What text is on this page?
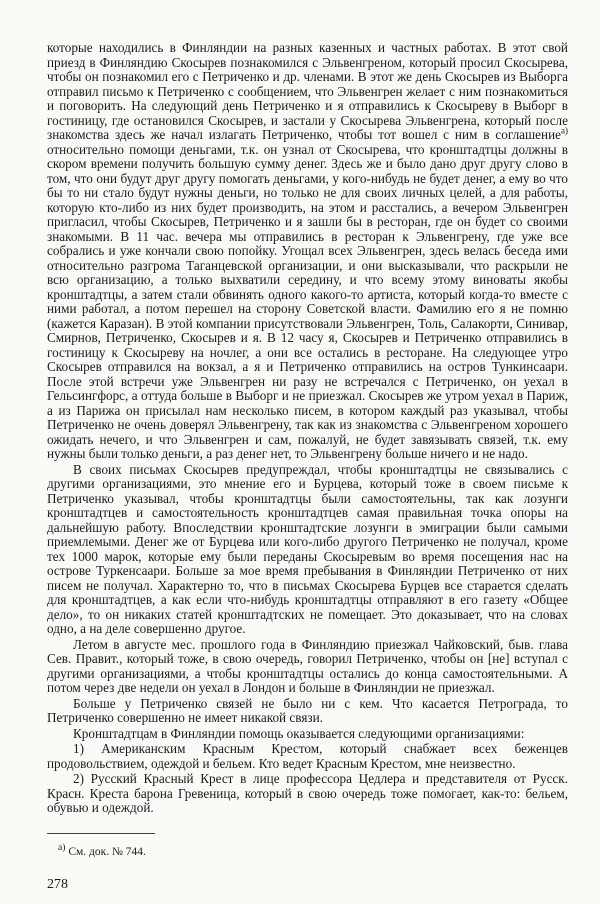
которые находились в Финляндии на разных казенных и частных работах. В этот свой приезд в Финляндию Скосырев познакомился с Эльвенгреном, который просил Скосырева, чтобы он познакомил его с Петриченко и др. членами. В этот же день Скосырев из Выборга отправил письмо к Петриченко с сообщением, что Эльвенгрен желает с ним познакомиться и поговорить. На следующий день Петриченко и я отправились к Скосыреву в Выборг в гостиницу, где остановился Скосырев, и застали у Скосырева Эльвенгрена, который после знакомства здесь же начал излагать Петриченко, чтобы тот вошел с ним в соглашение$^{а)}$ относительно помощи деньгами, т.к. он узнал от Скосырева, что кронштадтцы должны в скором времени получить большую сумму денег. Здесь же и было дано друг другу слово в том, что они будут друг другу помогать деньгами, у кого-нибудь не будет денег, а ему во что бы то ни стало будут нужны деньги, но только не для своих личных целей, а для работы, которую кто-либо из них будет производить, на этом и расстались, а вечером Эльвенгрен пригласил, чтобы Скосырев, Петриченко и я зашли бы в ресторан, где он будет со своими знакомыми. В 11 час. вечера мы отправились в ресторан к Эльвенгрену, где уже все собрались и уже кончали свою попойку. Угощал всех Эльвенгрен, здесь велась беседа ими относительно разгрома Таганцевской организации, и они высказывали, что раскрыли не всю организацию, а только выхватили середину, и что всему этому виноваты якобы кронштадтцы, а затем стали обвинять одного какого-то артиста, который когда-то вместе с ними работал, а потом перешел на сторону Советской власти. Фамилию его я не помню (кажется Каразан). В этой компании присутствовали Эльвенгрен, Толь, Салакорти, Синивар, Смирнов, Петриченко, Скосырев и я. В 12 часу я, Скосырев и Петриченко отправились в гостиницу к Скосыреву на ночлег, а они все остались в ресторане. На следующее утро Скосырев отправился на вокзал, а я и Петриченко отправились на остров Тункинсаари. После этой встречи уже Эльвенгрен ни разу не встречался с Петриченко, он уехал в Гельсингфорс, а оттуда больше в Выборг и не приезжал. Скосырев же утром уехал в Париж, а из Парижа он присылал нам несколько писем, в котором каждый раз указывал, чтобы Петриченко не очень доверял Эльвенгрену, так как из знакомства с Эльвенгреном хорошего ожидать нечего, и что Эльвенгрен и сам, пожалуй, не будет завязывать связей, т.к. ему нужны были только деньги, а раз денег нет, то Эльвенгрену больше ничего и не надо.

В своих письмах Скосырев предупреждал, чтобы кронштадтцы не связывались с другими организациями, это мнение его и Бурцева, который тоже в своем письме к Петриченко указывал, чтобы кронштадтцы были самостоятельны, так как лозунги кронштадтцев и самостоятельность кронштадтцев самая правильная точка опоры на дальнейшую работу. Впоследствии кронштадтские лозунги в эмиграции были самыми приемлемыми. Денег же от Бурцева или кого-либо другого Петриченко не получал, кроме тех 1000 марок, которые ему были переданы Скосыревым во время посещения нас на острове Туркенсаари. Больше за мое время пребывания в Финляндии Петриченко от них писем не получал. Характерно то, что в письмах Скосырева Бурцев все старается сделать для кронштадтцев, а как если что-нибудь кронштадтцы отправляют в его газету «Общее дело», то он никаких статей кронштадтских не помещает. Это доказывает, что на словах одно, а на деле совершенно другое.

Летом в августе мес. прошлого года в Финляндию приезжал Чайковский, быв. глава Сев. Правит., который тоже, в свою очередь, говорил Петриченко, чтобы он [не] вступал с другими организациями, а чтобы кронштадтцы остались до конца самостоятельными. А потом через две недели он уехал в Лондон и больше в Финляндии не приезжал.

Больше у Петриченко связей не было ни с кем. Что касается Петрограда, то Петриченко совершенно не имеет никакой связи.

Кронштадтцам в Финляндии помощь оказывается следующими организациями:

1) Американским Красным Крестом, который снабжает всех беженцев продовольствием, одеждой и бельем. Кто ведет Красным Крестом, мне неизвестно.

2) Русский Красный Крест в лице профессора Цедлера и представителя от Русск. Красн. Креста барона Гревеница, который в свою очередь тоже помогает, как-то: бельем, обувью и одеждой.

$^{а)}$ См. док. № 744.
278
